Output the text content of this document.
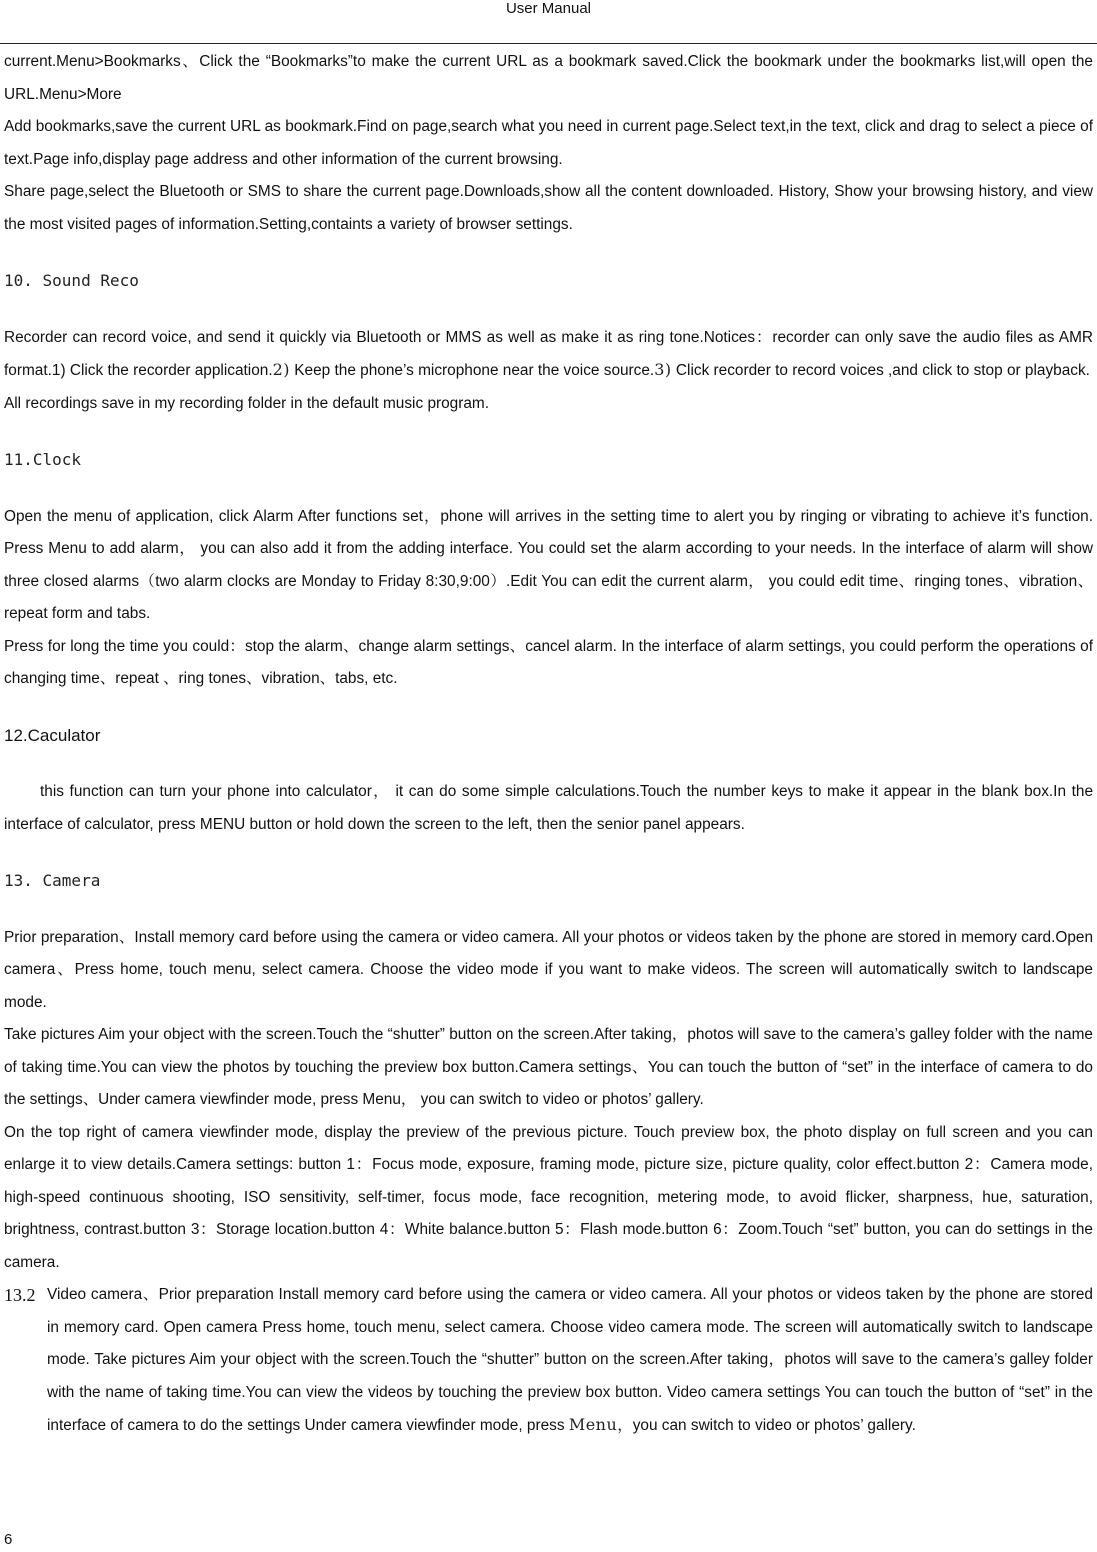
User Manual

current.Menu>Bookmarks、Click the “Bookmarks”to make the current URL as a bookmark saved.Click the bookmark under the bookmarks list,will open the URL.Menu>More

Add bookmarks,save the current URL as bookmark.Find on page,search what you need in current page.Select text,in the text, click and drag to select a piece of text.Page info,display page address and other information of the current browsing.

Share page,select the Bluetooth or SMS to share the current page.Downloads,show all the content downloaded. History, Show your browsing history, and view the most visited pages of information.Setting,containts a variety of browser settings.

10. Sound Reco

Recorder can record voice, and send it quickly via Bluetooth or MMS as well as make it as ring tone.Notices：recorder can only save the audio files as AMR format.1) Click the recorder application.2) Keep the phone’s microphone near the voice source.3) Click recorder to record voices ,and click to stop or playback.

All recordings save in my recording folder in the default music program.

11.Clock

Open the menu of application, click Alarm After functions set，phone will arrives in the setting time to alert you by ringing or vibrating to achieve it’s function. Press Menu to add alarm， you can also add it from the adding interface. You could set the alarm according to your needs. In the interface of alarm will show three closed alarms（two alarm clocks are Monday to Friday 8:30,9:00）.Edit You can edit the current alarm， you could edit time、ringing tones、vibration、repeat form and tabs.

Press for long the time you could：stop the alarm、change alarm settings、cancel alarm. In the interface of alarm settings, you could perform the operations of changing time、repeat 、ring tones、vibration、tabs, etc.

12.Caculator

this function can turn your phone into calculator， it can do some simple calculations.Touch the number keys to make it appear in the blank box.In the interface of calculator, press MENU button or hold down the screen to the left, then the senior panel appears.

13. Camera

Prior preparation、Install memory card before using the camera or video camera. All your photos or videos taken by the phone are stored in memory card.Open camera、Press home, touch menu, select camera. Choose the video mode if you want to make videos. The screen will automatically switch to landscape mode.

Take pictures Aim your object with the screen.Touch the “shutter” button on the screen.After taking，photos will save to the camera’s galley folder with the name of taking time.You can view the photos by touching the preview box button.Camera settings、You can touch the button of “set” in the interface of camera to do the settings、Under camera viewfinder mode, press Menu， you can switch to video or photos’ gallery.

On the top right of camera viewfinder mode, display the preview of the previous picture. Touch preview box, the photo display on full screen and you can enlarge it to view details.Camera settings: button 1：Focus mode, exposure, framing mode, picture size, picture quality, color effect.button 2：Camera mode, high-speed continuous shooting, ISO sensitivity, self-timer, focus mode, face recognition, metering mode, to avoid flicker, sharpness, hue, saturation, brightness, contrast.button 3：Storage location.button 4：White balance.button 5：Flash mode.button 6：Zoom.Touch “set” button, you can do settings in the camera.

13.2 Video camera、Prior preparation Install memory card before using the camera or video camera. All your photos or videos taken by the phone are stored in memory card. Open camera Press home, touch menu, select camera. Choose video camera mode. The screen will automatically switch to landscape mode. Take pictures Aim your object with the screen.Touch the “shutter” button on the screen.After taking，photos will save to the camera’s galley folder with the name of taking time.You can view the videos by touching the preview box button. Video camera settings You can touch the button of “set” in the interface of camera to do the settings Under camera viewfinder mode, press Menu，you can switch to video or photos’ gallery.

6
